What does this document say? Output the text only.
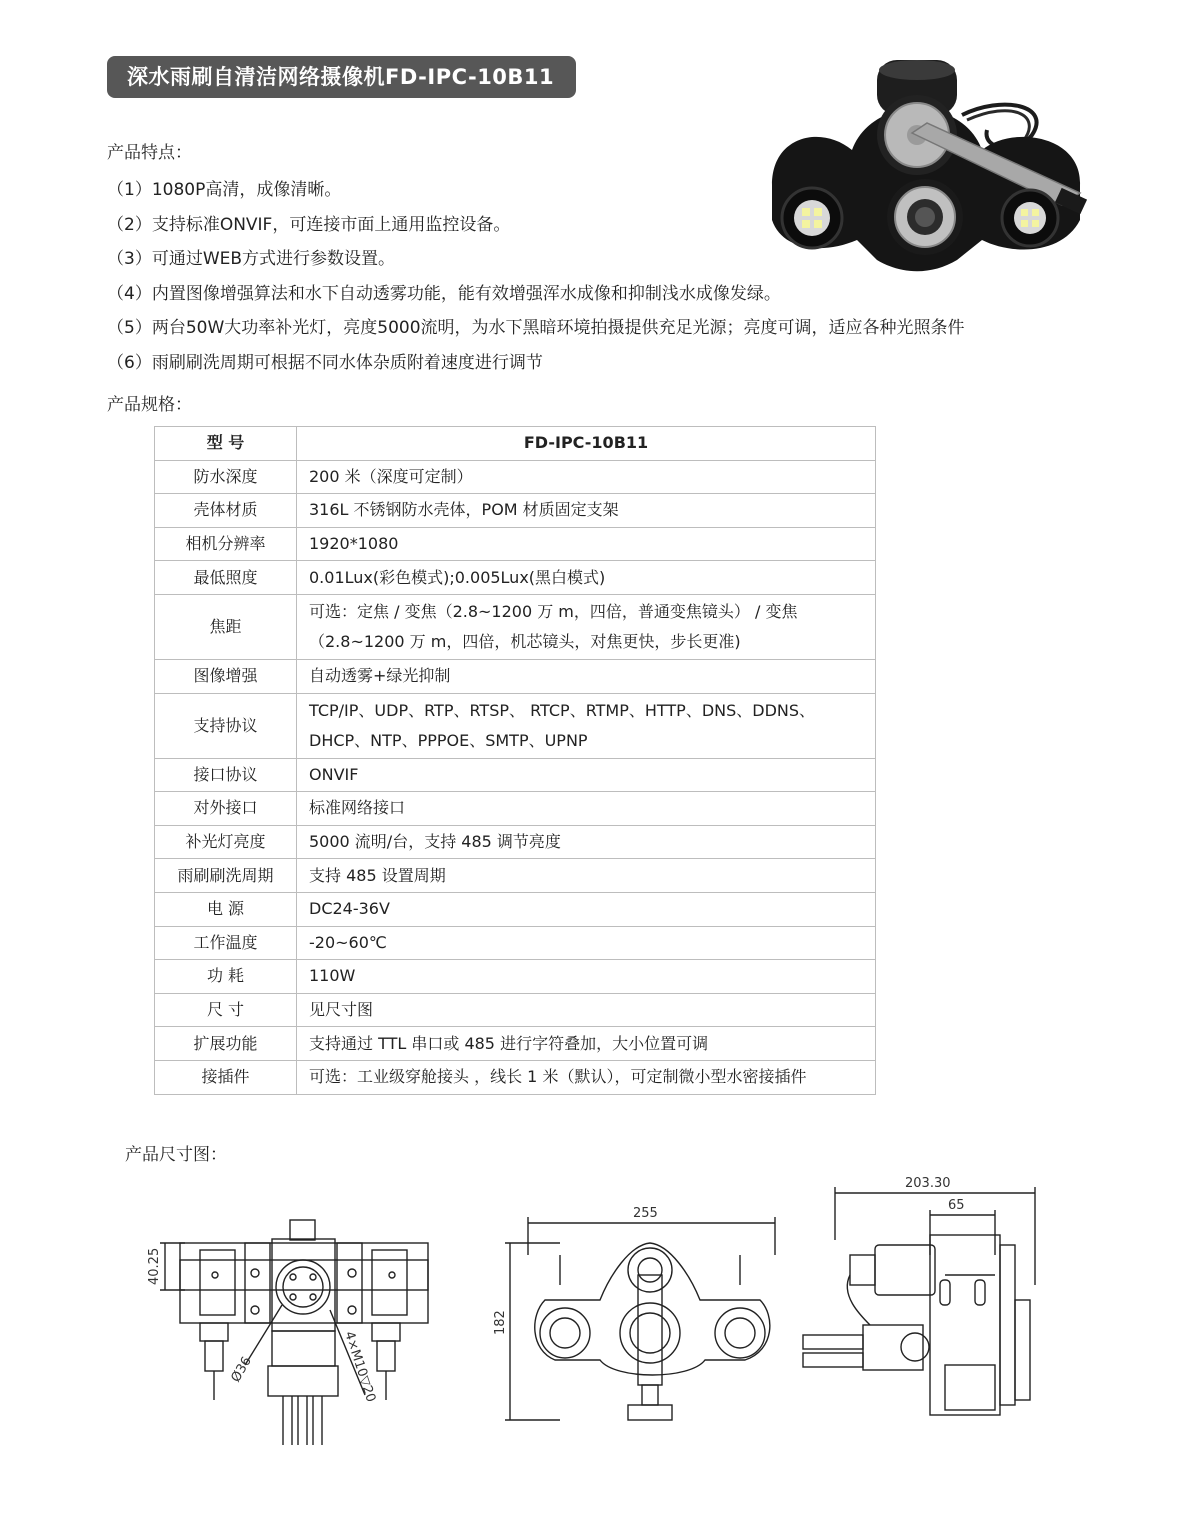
深水雨刷自清洁网络摄像机FD-IPC-10B11
产品特点：
（1）1080P高清，成像清晰。
（2）支持标准ONVIF，可连接市面上通用监控设备。
（3）可通过WEB方式进行参数设置。
（4）内置图像增强算法和水下自动透雾功能，能有效增强浑水成像和抑制浅水成像发绿。
（5）两台50W大功率补光灯，亮度5000流明，为水下黑暗环境拍摄提供充足光源；亮度可调，适应各种光照条件
（6）雨刷刷洗周期可根据不同水体杂质附着速度进行调节
产品规格：
型 号	FD-IPC-10B11
防水深度	200 米（深度可定制）
壳体材质	316L 不锈钢防水壳体，POM 材质固定支架
相机分辨率	1920*1080
最低照度	0.01Lux(彩色模式);0.005Lux(黑白模式)
焦距	可选：定焦 / 变焦（2.8~1200 万 m，四倍，普通变焦镜头） / 变焦（2.8~1200 万 m，四倍，机芯镜头，对焦更快，步长更准)
图像增强	自动透雾+绿光抑制
支持协议	TCP/IP、UDP、RTP、RTSP、 RTCP、RTMP、HTTP、DNS、DDNS、DHCP、NTP、PPPOE、SMTP、UPNP
接口协议	ONVIF
对外接口	标准网络接口
补光灯亮度	5000 流明/台，支持 485 调节亮度
雨刷刷洗周期	支持 485 设置周期
电 源	DC24-36V
工作温度	-20~60℃
功 耗	110W
尺 寸	见尺寸图
扩展功能	支持通过 TTL 串口或 485 进行字符叠加，大小位置可调
接插件	可选：工业级穿舱接头 ，线长 1 米（默认），可定制微小型水密接插件
产品尺寸图：
40.25
Ø36	4×M10▽20
255
182
203.30
65
